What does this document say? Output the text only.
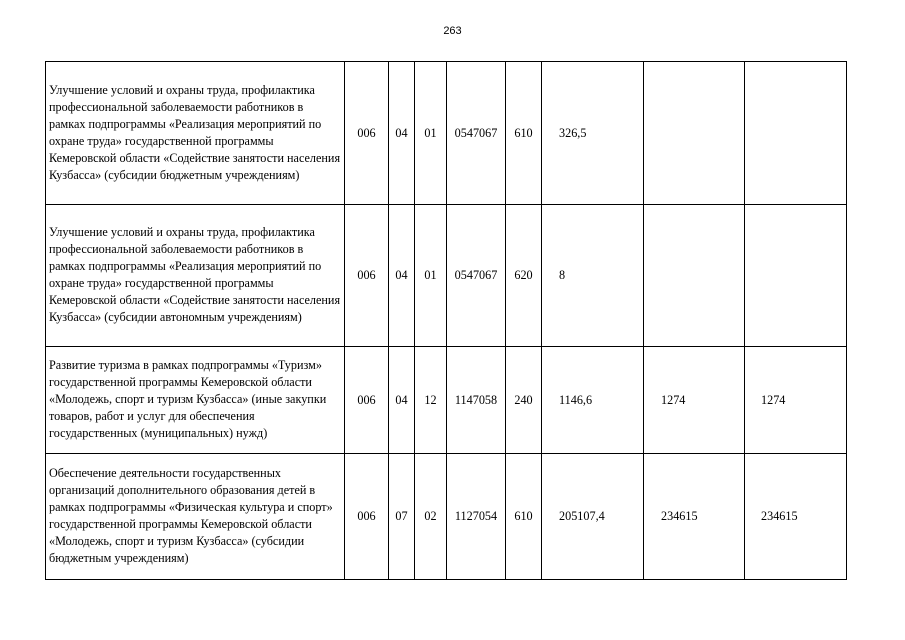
263
Улучшение условий и охраны труда, профилактика профессиональной заболеваемости работников в рамках подпрограммы «Реализация мероприятий по охране труда» государственной программы Кемеровской области «Содействие занятости населения Кузбасса» (субсидии бюджетным учреждениям)	006	04	01	0547067	610	326,5		
Улучшение условий и охраны труда, профилактика профессиональной заболеваемости работников в рамках подпрограммы «Реализация мероприятий по охране труда» государственной программы Кемеровской области «Содействие занятости населения Кузбасса» (субсидии автономным учреждениям)	006	04	01	0547067	620	8		
Развитие туризма в рамках подпрограммы «Туризм» государственной программы Кемеровской области «Молодежь, спорт и туризм Кузбасса» (иные закупки товаров, работ и услуг для обеспечения государственных (муниципальных) нужд)	006	04	12	1147058	240	1146,6	1274	1274
Обеспечение деятельности государственных организаций дополнительного образования детей в рамках подпрограммы «Физическая культура и спорт» государственной программы Кемеровской области «Молодежь, спорт и туризм Кузбасса» (субсидии бюджетным учреждениям)	006	07	02	1127054	610	205107,4	234615	234615
